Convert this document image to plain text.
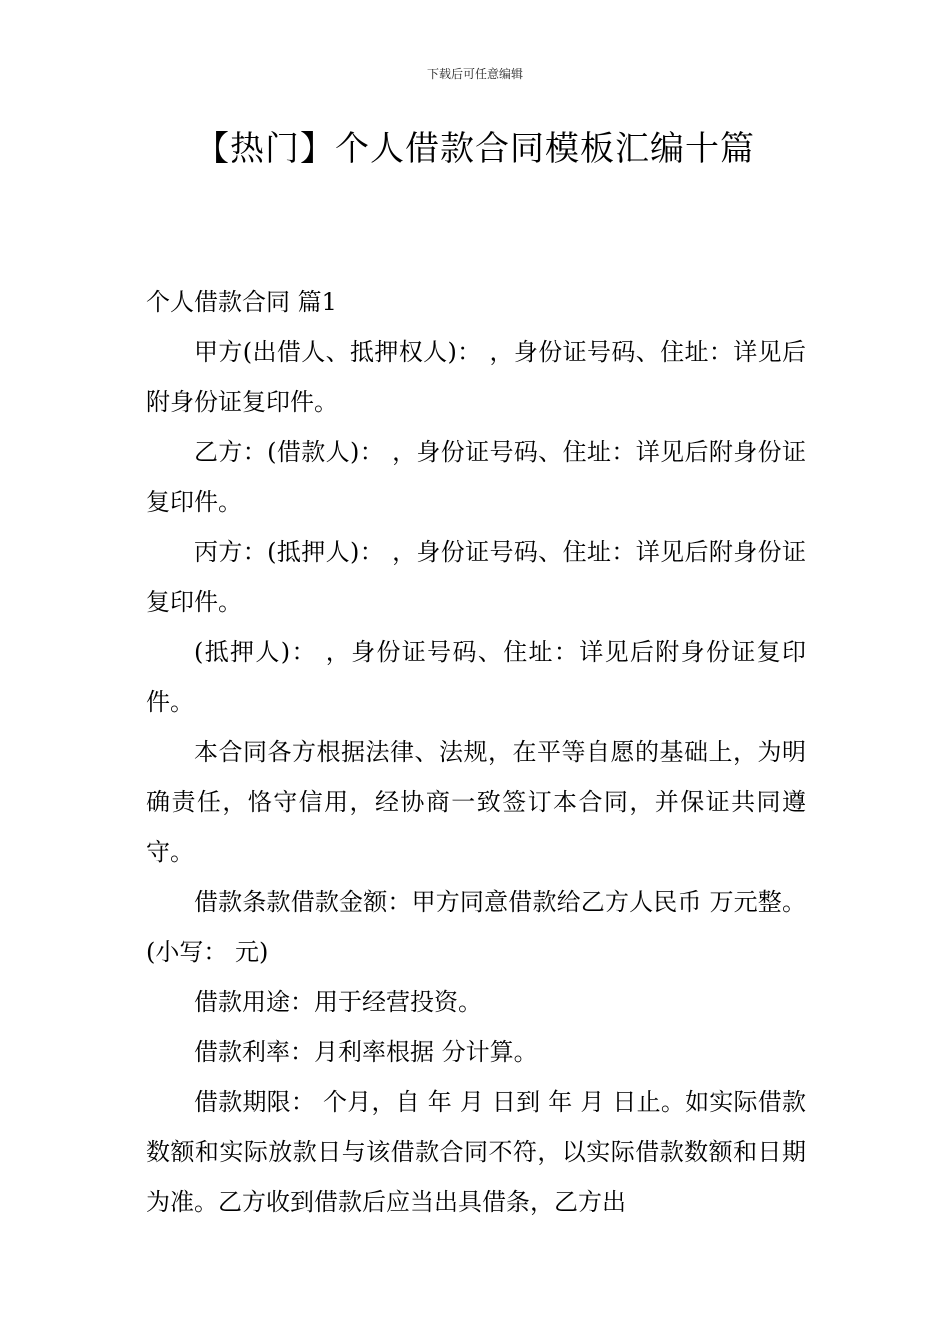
下载后可任意编辑
【热门】个人借款合同模板汇编十篇

个人借款合同 篇1

甲方(出借人、抵押权人)： ，身份证号码、住址：详见后附身份证复印件。

乙方：(借款人)： ，身份证号码、住址：详见后附身份证复印件。

丙方：(抵押人)： ，身份证号码、住址：详见后附身份证复印件。

(抵押人)： ，身份证号码、住址：详见后附身份证复印件。

本合同各方根据法律、法规，在平等自愿的基础上，为明确责任，恪守信用，经协商一致签订本合同，并保证共同遵守。

借款条款借款金额：甲方同意借款给乙方人民币 万元整。(小写： 元)

借款用途：用于经营投资。

借款利率：月利率根据 分计算。

借款期限： 个月，自 年 月 日到 年 月 日止。如实际借款数额和实际放款日与该借款合同不符，以实际借款数额和日期为准。乙方收到借款后应当出具借条，乙方出
